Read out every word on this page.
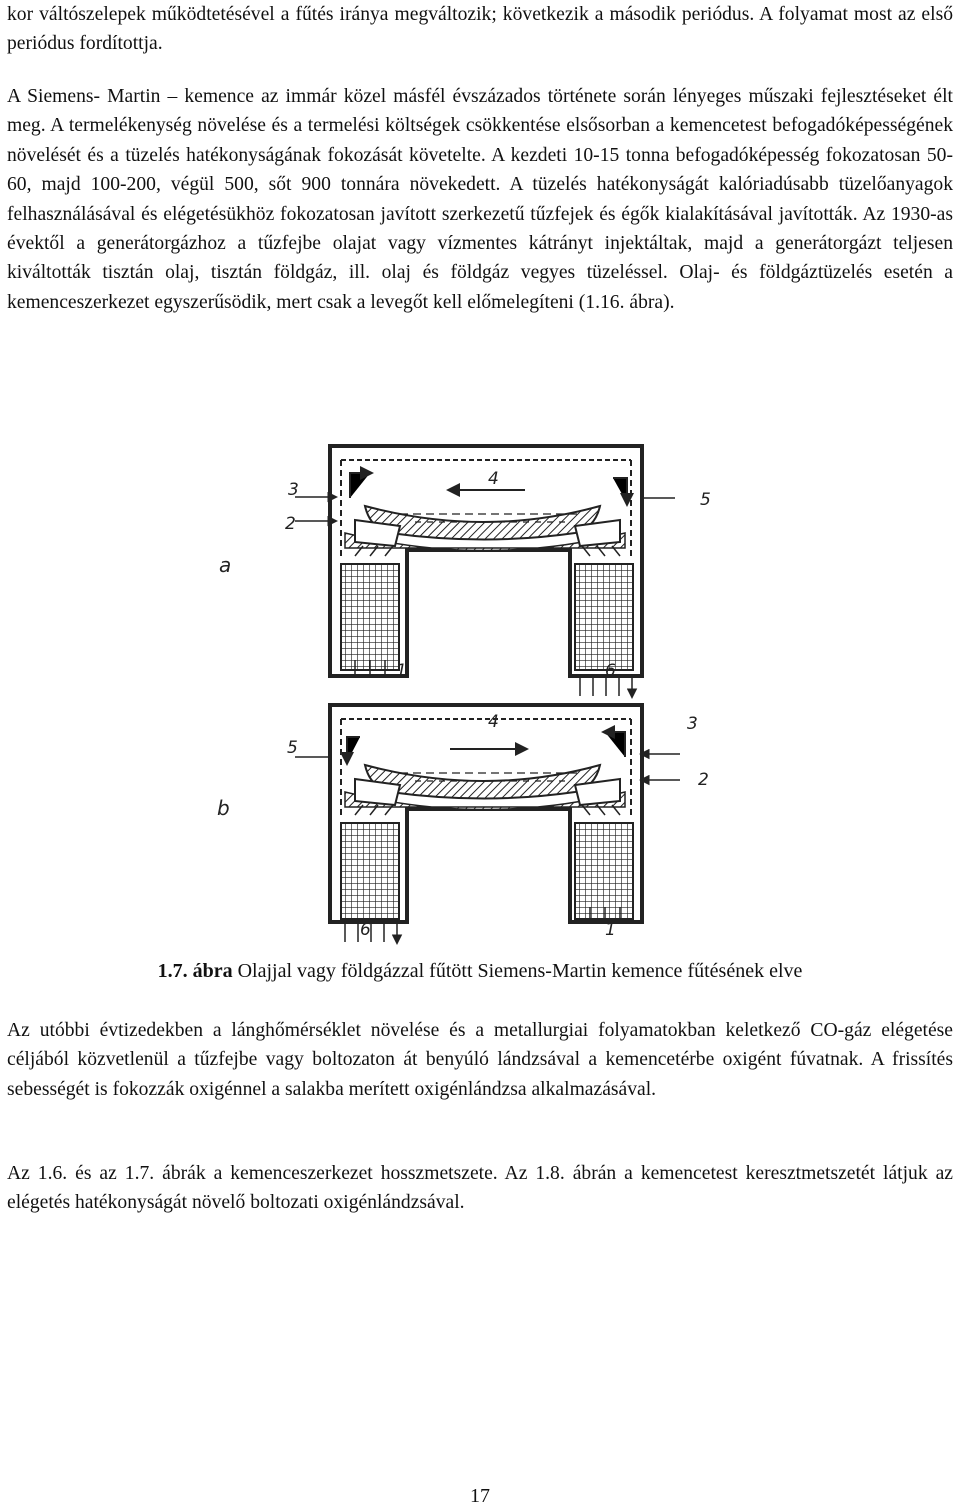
kor váltószelepek működtetésével a fűtés iránya megváltozik; következik a második periódus. A folyamat most az első periódus fordítottja.

A Siemens- Martin – kemence az immár közel másfél évszázados története során lényeges műszaki fejlesztéseket élt meg. A termelékenység növelése és a termelési költségek csökkentése elsősorban a kemencetest befogadóképességének növelését és a tüzelés hatékonyságának fokozását követelte. A kezdeti 10-15 tonna befogadóképesség fokozatosan 50-60, majd 100-200, végül 500, sőt 900 tonnára növekedett. A tüzelés hatékonyságát kalóriadúsabb tüzelőanyagok felhasználásával és elégetésükhöz fokozatosan javított szerkezetű tűzfejek és égők kialakításával javították. Az 1930-as évektől a generátorgázhoz a tűzfejbe olajat vagy vízmentes kátrányt injektáltak, majd a generátorgázt teljesen kiváltották tisztán olaj, tisztán földgáz, ill. olaj és földgáz vegyes tüzeléssel. Olaj- és földgáztüzelés esetén a kemenceszerkezet egyszerűsödik, mert csak a levegőt kell előmelegíteni (1.16. ábra).

3
2
4
5
1	6
a
3
2
4
5
6	1
b

1.7. ábra Olajjal vagy földgázzal fűtött Siemens-Martin kemence fűtésének elve

Az utóbbi évtizedekben a lánghőmérséklet növelése és a metallurgiai folyamatokban keletkező CO-gáz elégetése céljából közvetlenül a tűzfejbe vagy boltozaton át benyúló lándzsával a kemencetérbe oxigént fúvatnak. A frissítés sebességét is fokozzák oxigénnel a salakba merített oxigénlándzsa alkalmazásával.

Az 1.6. és az 1.7. ábrák a kemenceszerkezet hosszmetszete. Az 1.8. ábrán a kemencetest keresztmetszetét látjuk az elégetés hatékonyságát növelő boltozati oxigénlándzsával.

17
